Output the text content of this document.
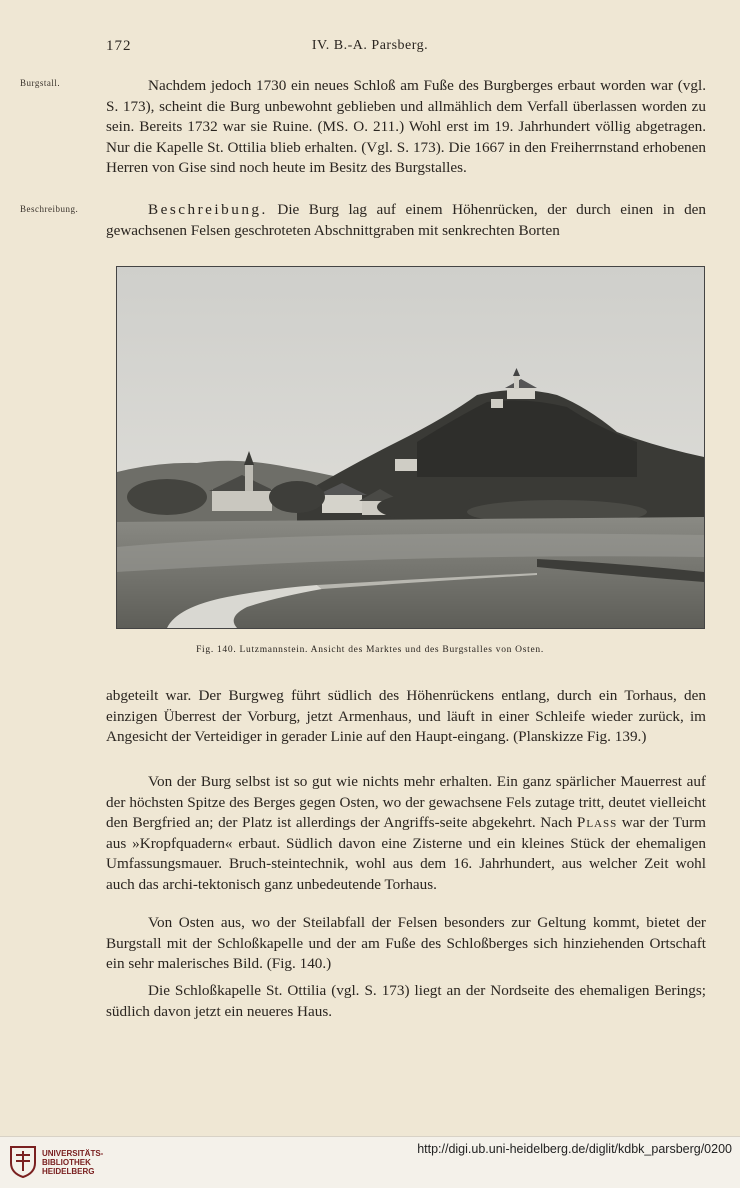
172	IV. B.-A. Parsberg.
Burgstall.	Nachdem jedoch 1730 ein neues Schloß am Fuße des Burgberges erbaut worden war (vgl. S. 173), scheint die Burg unbewohnt geblieben und allmählich dem Verfall überlassen worden zu sein. Bereits 1732 war sie Ruine. (MS. O. 211.) Wohl erst im 19. Jahrhundert völlig abgetragen. Nur die Kapelle St. Ottilia blieb erhalten. (Vgl. S. 173). Die 1667 in den Freiherrnstand erhobenen Herren von Gise sind noch heute im Besitz des Burgstalles.

Beschreibung.	Beschreibung. Die Burg lag auf einem Höhenrücken, der durch einen in den gewachsenen Felsen geschroteten Abschnittgraben mit senkrechten Borten

Fig. 140. Lutzmannstein. Ansicht des Marktes und des Burgstalles von Osten.

abgeteilt war. Der Burgweg führt südlich des Höhenrückens entlang, durch ein Torhaus, den einzigen Überrest der Vorburg, jetzt Armenhaus, und läuft in einer Schleife wieder zurück, im Angesicht der Verteidiger in gerader Linie auf den Haupt-eingang. (Planskizze Fig. 139.)

Von der Burg selbst ist so gut wie nichts mehr erhalten. Ein ganz spärlicher Mauerrest auf der höchsten Spitze des Berges gegen Osten, wo der gewachsene Fels zutage tritt, deutet vielleicht den Bergfried an; der Platz ist allerdings der Angriffs-seite abgekehrt. Nach Plass war der Turm aus »Kropfquadern« erbaut. Südlich davon eine Zisterne und ein kleines Stück der ehemaligen Umfassungsmauer. Bruch-steintechnik, wohl aus dem 16. Jahrhundert, aus welcher Zeit wohl auch das archi-tektonisch ganz unbedeutende Torhaus.

Von Osten aus, wo der Steilabfall der Felsen besonders zur Geltung kommt, bietet der Burgstall mit der Schloßkapelle und der am Fuße des Schloßberges sich hinziehenden Ortschaft ein sehr malerisches Bild. (Fig. 140.)

Die Schloßkapelle St. Ottilia (vgl. S. 173) liegt an der Nordseite des ehemaligen Berings; südlich davon jetzt ein neueres Haus.

UNIVERSITÄTS-
BIBLIOTHEK
HEIDELBERG
http://digi.ub.uni-heidelberg.de/diglit/kdbk_parsberg/0200
